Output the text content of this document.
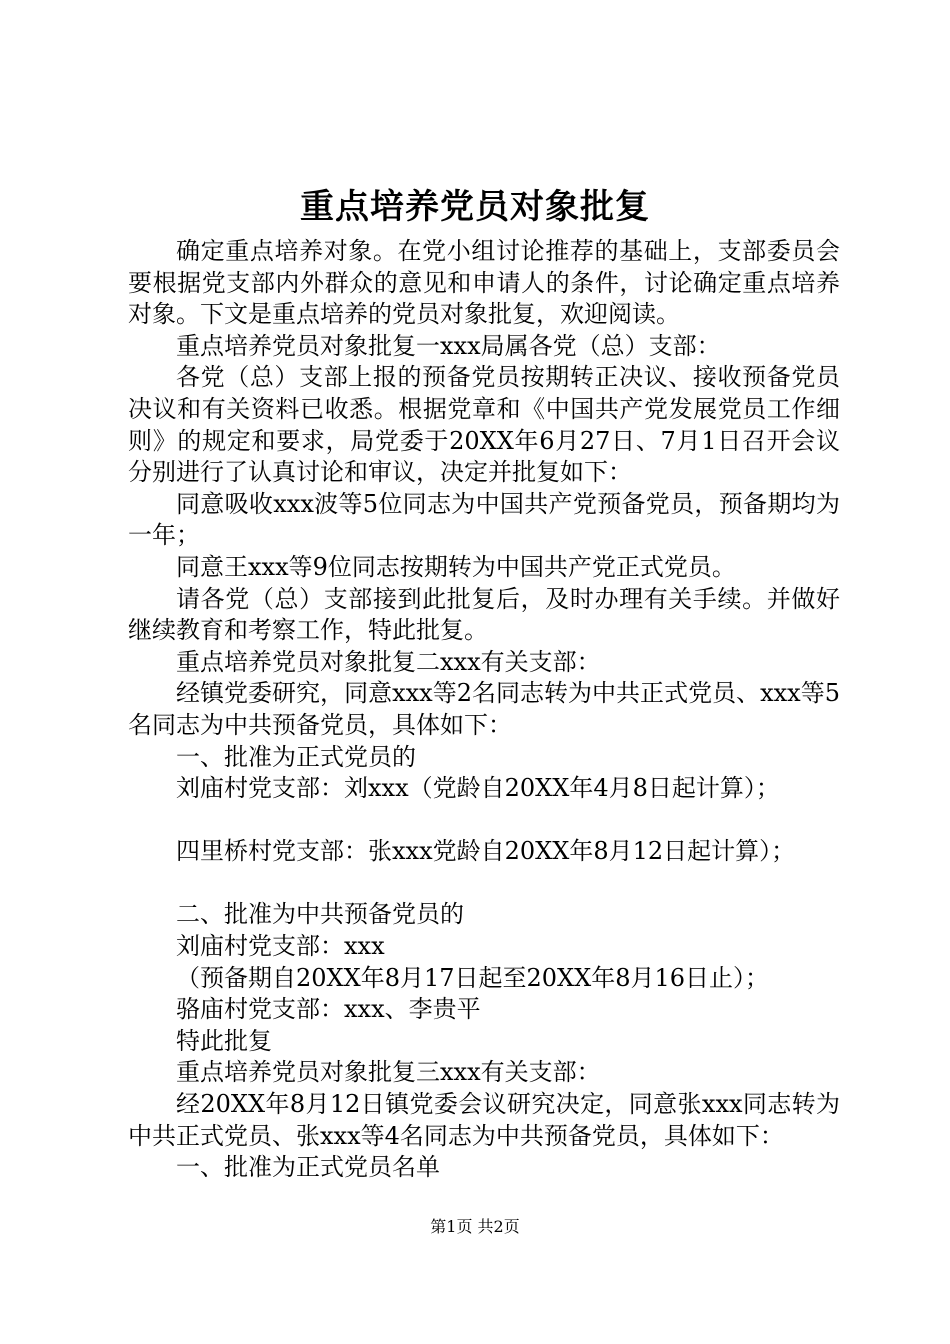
重点培养党员对象批复

确定重点培养对象。在党小组讨论推荐的基础上，支部委员会要根据党支部内外群众的意见和申请人的条件，讨论确定重点培养对象。下文是重点培养的党员对象批复，欢迎阅读。

重点培养党员对象批复一xxx局属各党（总）支部：

各党（总）支部上报的预备党员按期转正决议、接收预备党员决议和有关资料已收悉。根据党章和《中国共产党发展党员工作细则》的规定和要求，局党委于20XX年6月27日、7月1日召开会议分别进行了认真讨论和审议，决定并批复如下：

同意吸收xxx波等5位同志为中国共产党预备党员，预备期均为一年；

同意王xxx等9位同志按期转为中国共产党正式党员。

请各党（总）支部接到此批复后，及时办理有关手续。并做好继续教育和考察工作，特此批复。

重点培养党员对象批复二xxx有关支部：

经镇党委研究，同意xxx等2名同志转为中共正式党员、xxx等5名同志为中共预备党员，具体如下：

一、批准为正式党员的

刘庙村党支部：刘xxx（党龄自20XX年4月8日起计算）；

四里桥村党支部：张xxx党龄自20XX年8月12日起计算）；

二、批准为中共预备党员的

刘庙村党支部：xxx

（预备期自20XX年8月17日起至20XX年8月16日止）；

骆庙村党支部：xxx、李贵平

特此批复

重点培养党员对象批复三xxx有关支部：

经20XX年8月12日镇党委会议研究决定，同意张xxx同志转为中共正式党员、张xxx等4名同志为中共预备党员，具体如下：

一、批准为正式党员名单

第1页 共2页
